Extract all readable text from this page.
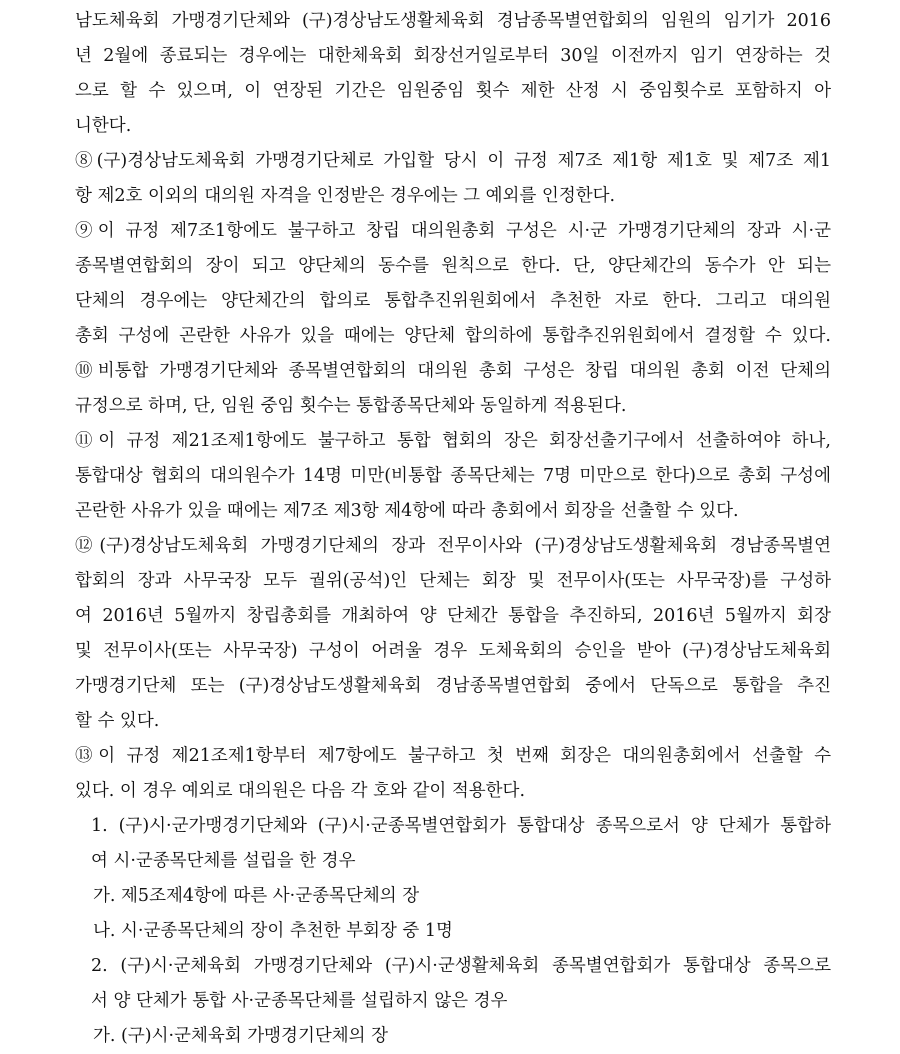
남도체육회 가맹경기단체와 (구)경상남도생활체육회 경남종목별연합회의 임원의 임기가 2016
년 2월에 종료되는 경우에는 대한체육회 회장선거일로부터 30일 이전까지 임기 연장하는 것
으로 할 수 있으며, 이 연장된 기간은 임원중임 횟수 제한 산정 시 중임횟수로 포함하지 아
니한다.
⑧(구)경상남도체육회 가맹경기단체로 가입할 당시 이 규정 제7조 제1항 제1호 및 제7조 제1
항 제2호 이외의 대의원 자격을 인정받은 경우에는 그 예외를 인정한다.
⑨이 규정 제7조1항에도 불구하고 창립 대의원총회 구성은 시·군 가맹경기단체의 장과 시·군
종목별연합회의 장이 되고 양단체의 동수를 원칙으로 한다. 단, 양단체간의 동수가 안 되는
단체의 경우에는 양단체간의 합의로 통합추진위원회에서 추천한 자로 한다. 그리고 대의원
총회 구성에 곤란한 사유가 있을 때에는 양단체 합의하에 통합추진위원회에서 결정할 수 있다.
⑩비통합 가맹경기단체와 종목별연합회의 대의원 총회 구성은 창립 대의원 총회 이전 단체의
규정으로 하며, 단, 임원 중임 횟수는 통합종목단체와 동일하게 적용된다.
⑪이 규정 제21조제1항에도 불구하고 통합 협회의 장은 회장선출기구에서 선출하여야 하나,
통합대상 협회의 대의원수가 14명 미만(비통합 종목단체는 7명 미만으로 한다)으로 총회 구성에
곤란한 사유가 있을 때에는 제7조 제3항 제4항에 따라 총회에서 회장을 선출할 수 있다.
⑫(구)경상남도체육회 가맹경기단체의 장과 전무이사와 (구)경상남도생활체육회 경남종목별연
합회의 장과 사무국장 모두 궐위(공석)인 단체는 회장 및 전무이사(또는 사무국장)를 구성하
여 2016년 5월까지 창립총회를 개최하여 양 단체간 통합을 추진하되, 2016년 5월까지 회장
및 전무이사(또는 사무국장) 구성이 어려울 경우 도체육회의 승인을 받아 (구)경상남도체육회
가맹경기단체 또는 (구)경상남도생활체육회 경남종목별연합회 중에서 단독으로 통합을 추진
할 수 있다.
⑬이 규정 제21조제1항부터 제7항에도 불구하고 첫 번째 회장은 대의원총회에서 선출할 수
있다. 이 경우 예외로 대의원은 다음 각 호와 같이 적용한다.
1. (구)시·군가맹경기단체와 (구)시·군종목별연합회가 통합대상 종목으로서 양 단체가 통합하
여 시·군종목단체를 설립을 한 경우
가. 제5조제4항에 따른 사·군종목단체의 장
나. 시·군종목단체의 장이 추천한 부회장 중 1명
2. (구)시·군체육회 가맹경기단체와 (구)시·군생활체육회 종목별연합회가 통합대상 종목으로
서 양 단체가 통합 사·군종목단체를 설립하지 않은 경우
가. (구)시·군체육회 가맹경기단체의 장
